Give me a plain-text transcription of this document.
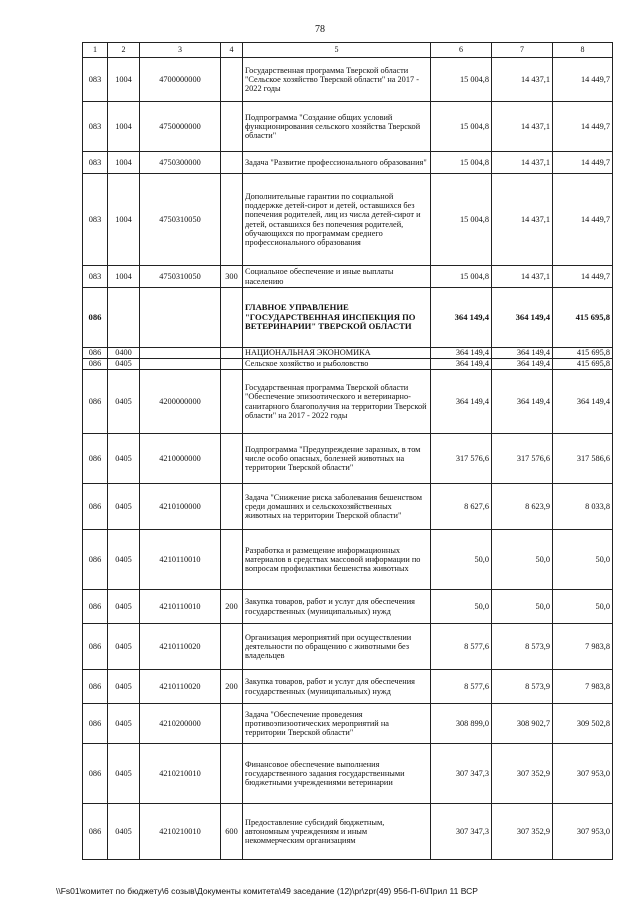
78
1	2	3	4	5	6	7	8
083	1004	4700000000		Государственная программа Тверской области "Сельское хозяйство Тверской области" на 2017 - 2022 годы	15 004,8	14 437,1	14 449,7
083	1004	4750000000		Подпрограмма "Создание общих условий функционирования сельского хозяйства Тверской области"	15 004,8	14 437,1	14 449,7
083	1004	4750300000		Задача "Развитие профессионального образования"	15 004,8	14 437,1	14 449,7
083	1004	4750310050		Дополнительные гарантии по социальной поддержке детей-сирот и детей, оставшихся без попечения родителей, лиц из числа детей-сирот и детей, оставшихся без попечения родителей, обучающихся по программам среднего профессионального образования	15 004,8	14 437,1	14 449,7
083	1004	4750310050	300	Социальное обеспечение и иные выплаты населению	15 004,8	14 437,1	14 449,7
086				ГЛАВНОЕ УПРАВЛЕНИЕ "ГОСУДАРСТВЕННАЯ ИНСПЕКЦИЯ ПО ВЕТЕРИНАРИИ" ТВЕРСКОЙ ОБЛАСТИ	364 149,4	364 149,4	415 695,8
086	0400			НАЦИОНАЛЬНАЯ ЭКОНОМИКА	364 149,4	364 149,4	415 695,8
086	0405			Сельское хозяйство и рыболовство	364 149,4	364 149,4	415 695,8
086	0405	4200000000		Государственная программа Тверской области "Обеспечение эпизоотического и ветеринарно-санитарного благополучия на территории Тверской области" на 2017 - 2022 годы	364 149,4	364 149,4	364 149,4
086	0405	4210000000		Подпрограмма "Предупреждение заразных, в том числе особо опасных, болезней животных на территории Тверской области"	317 576,6	317 576,6	317 586,6
086	0405	4210100000		Задача "Снижение риска заболевания бешенством среди домашних и сельскохозяйственных животных на территории Тверской области"	8 627,6	8 623,9	8 033,8
086	0405	4210110010		Разработка и размещение информационных материалов в средствах массовой информации по вопросам профилактики бешенства животных	50,0	50,0	50,0
086	0405	4210110010	200	Закупка товаров, работ и услуг для обеспечения государственных (муниципальных) нужд	50,0	50,0	50,0
086	0405	4210110020		Организация мероприятий при осуществлении деятельности по обращению с животными без владельцев	8 577,6	8 573,9	7 983,8
086	0405	4210110020	200	Закупка товаров, работ и услуг для обеспечения государственных (муниципальных) нужд	8 577,6	8 573,9	7 983,8
086	0405	4210200000		Задача "Обеспечение проведения противоэпизоотических мероприятий на территории Тверской области"	308 899,0	308 902,7	309 502,8
086	0405	4210210010		Финансовое обеспечение выполнения государственного задания государственными бюджетными учреждениями ветеринарии	307 347,3	307 352,9	307 953,0
086	0405	4210210010	600	Предоставление субсидий бюджетным, автономным учреждениям и иным некоммерческим организациям	307 347,3	307 352,9	307 953,0
\\Fs01\комитет по бюджету\6 созыв\Документы комитета\49 заседание (12)\pr\zpr(49) 956-П-6\Прил 11 ВСР
